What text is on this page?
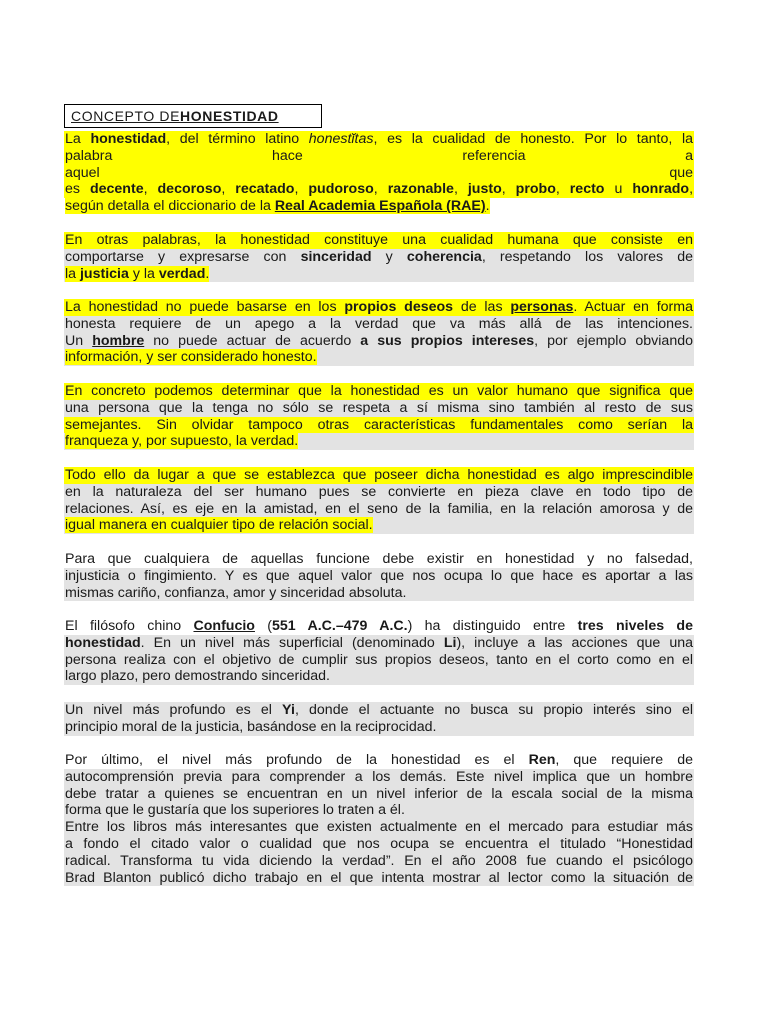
CONCEPTO DEHONESTIDAD
La honestidad, del término latino honestĭtas, es la cualidad de honesto. Por lo tanto, la
palabra hace referencia a aquel que
es decente, decoroso, recatado, pudoroso, razonable, justo, probo, recto u honrado,
según detalla el diccionario de la Real Academia Española (RAE).
En otras palabras, la honestidad constituye una cualidad humana que consiste en
comportarse y expresarse con sinceridad y coherencia, respetando los valores de
la justicia y la verdad.
La honestidad no puede basarse en los propios deseos de las personas. Actuar en forma
honesta requiere de un apego a la verdad que va más allá de las intenciones.
Un hombre no puede actuar de acuerdo a sus propios intereses, por ejemplo obviando
información, y ser considerado honesto.
En concreto podemos determinar que la honestidad es un valor humano que significa que
una persona que la tenga no sólo se respeta a sí misma sino también al resto de sus
semejantes. Sin olvidar tampoco otras características fundamentales como serían la
franqueza y, por supuesto, la verdad.
Todo ello da lugar a que se establezca que poseer dicha honestidad es algo imprescindible
en la naturaleza del ser humano pues se convierte en pieza clave en todo tipo de
relaciones. Así, es eje en la amistad, en el seno de la familia, en la relación amorosa y de
igual manera en cualquier tipo de relación social.
Para que cualquiera de aquellas funcione debe existir en honestidad y no falsedad,
injusticia o fingimiento. Y es que aquel valor que nos ocupa lo que hace es aportar a las
mismas cariño, confianza, amor y sinceridad absoluta.
El filósofo chino Confucio (551 A.C.–479 A.C.) ha distinguido entre tres niveles de
honestidad. En un nivel más superficial (denominado Li), incluye a las acciones que una
persona realiza con el objetivo de cumplir sus propios deseos, tanto en el corto como en el
largo plazo, pero demostrando sinceridad.
Un nivel más profundo es el Yi, donde el actuante no busca su propio interés sino el
principio moral de la justicia, basándose en la reciprocidad.
Por último, el nivel más profundo de la honestidad es el Ren, que requiere de
autocomprensión previa para comprender a los demás. Este nivel implica que un hombre
debe tratar a quienes se encuentran en un nivel inferior de la escala social de la misma
forma que le gustaría que los superiores lo traten a él.
Entre los libros más interesantes que existen actualmente en el mercado para estudiar más
a fondo el citado valor o cualidad que nos ocupa se encuentra el titulado “Honestidad
radical. Transforma tu vida diciendo la verdad”. En el año 2008 fue cuando el psicólogo
Brad Blanton publicó dicho trabajo en el que intenta mostrar al lector como la situación de
